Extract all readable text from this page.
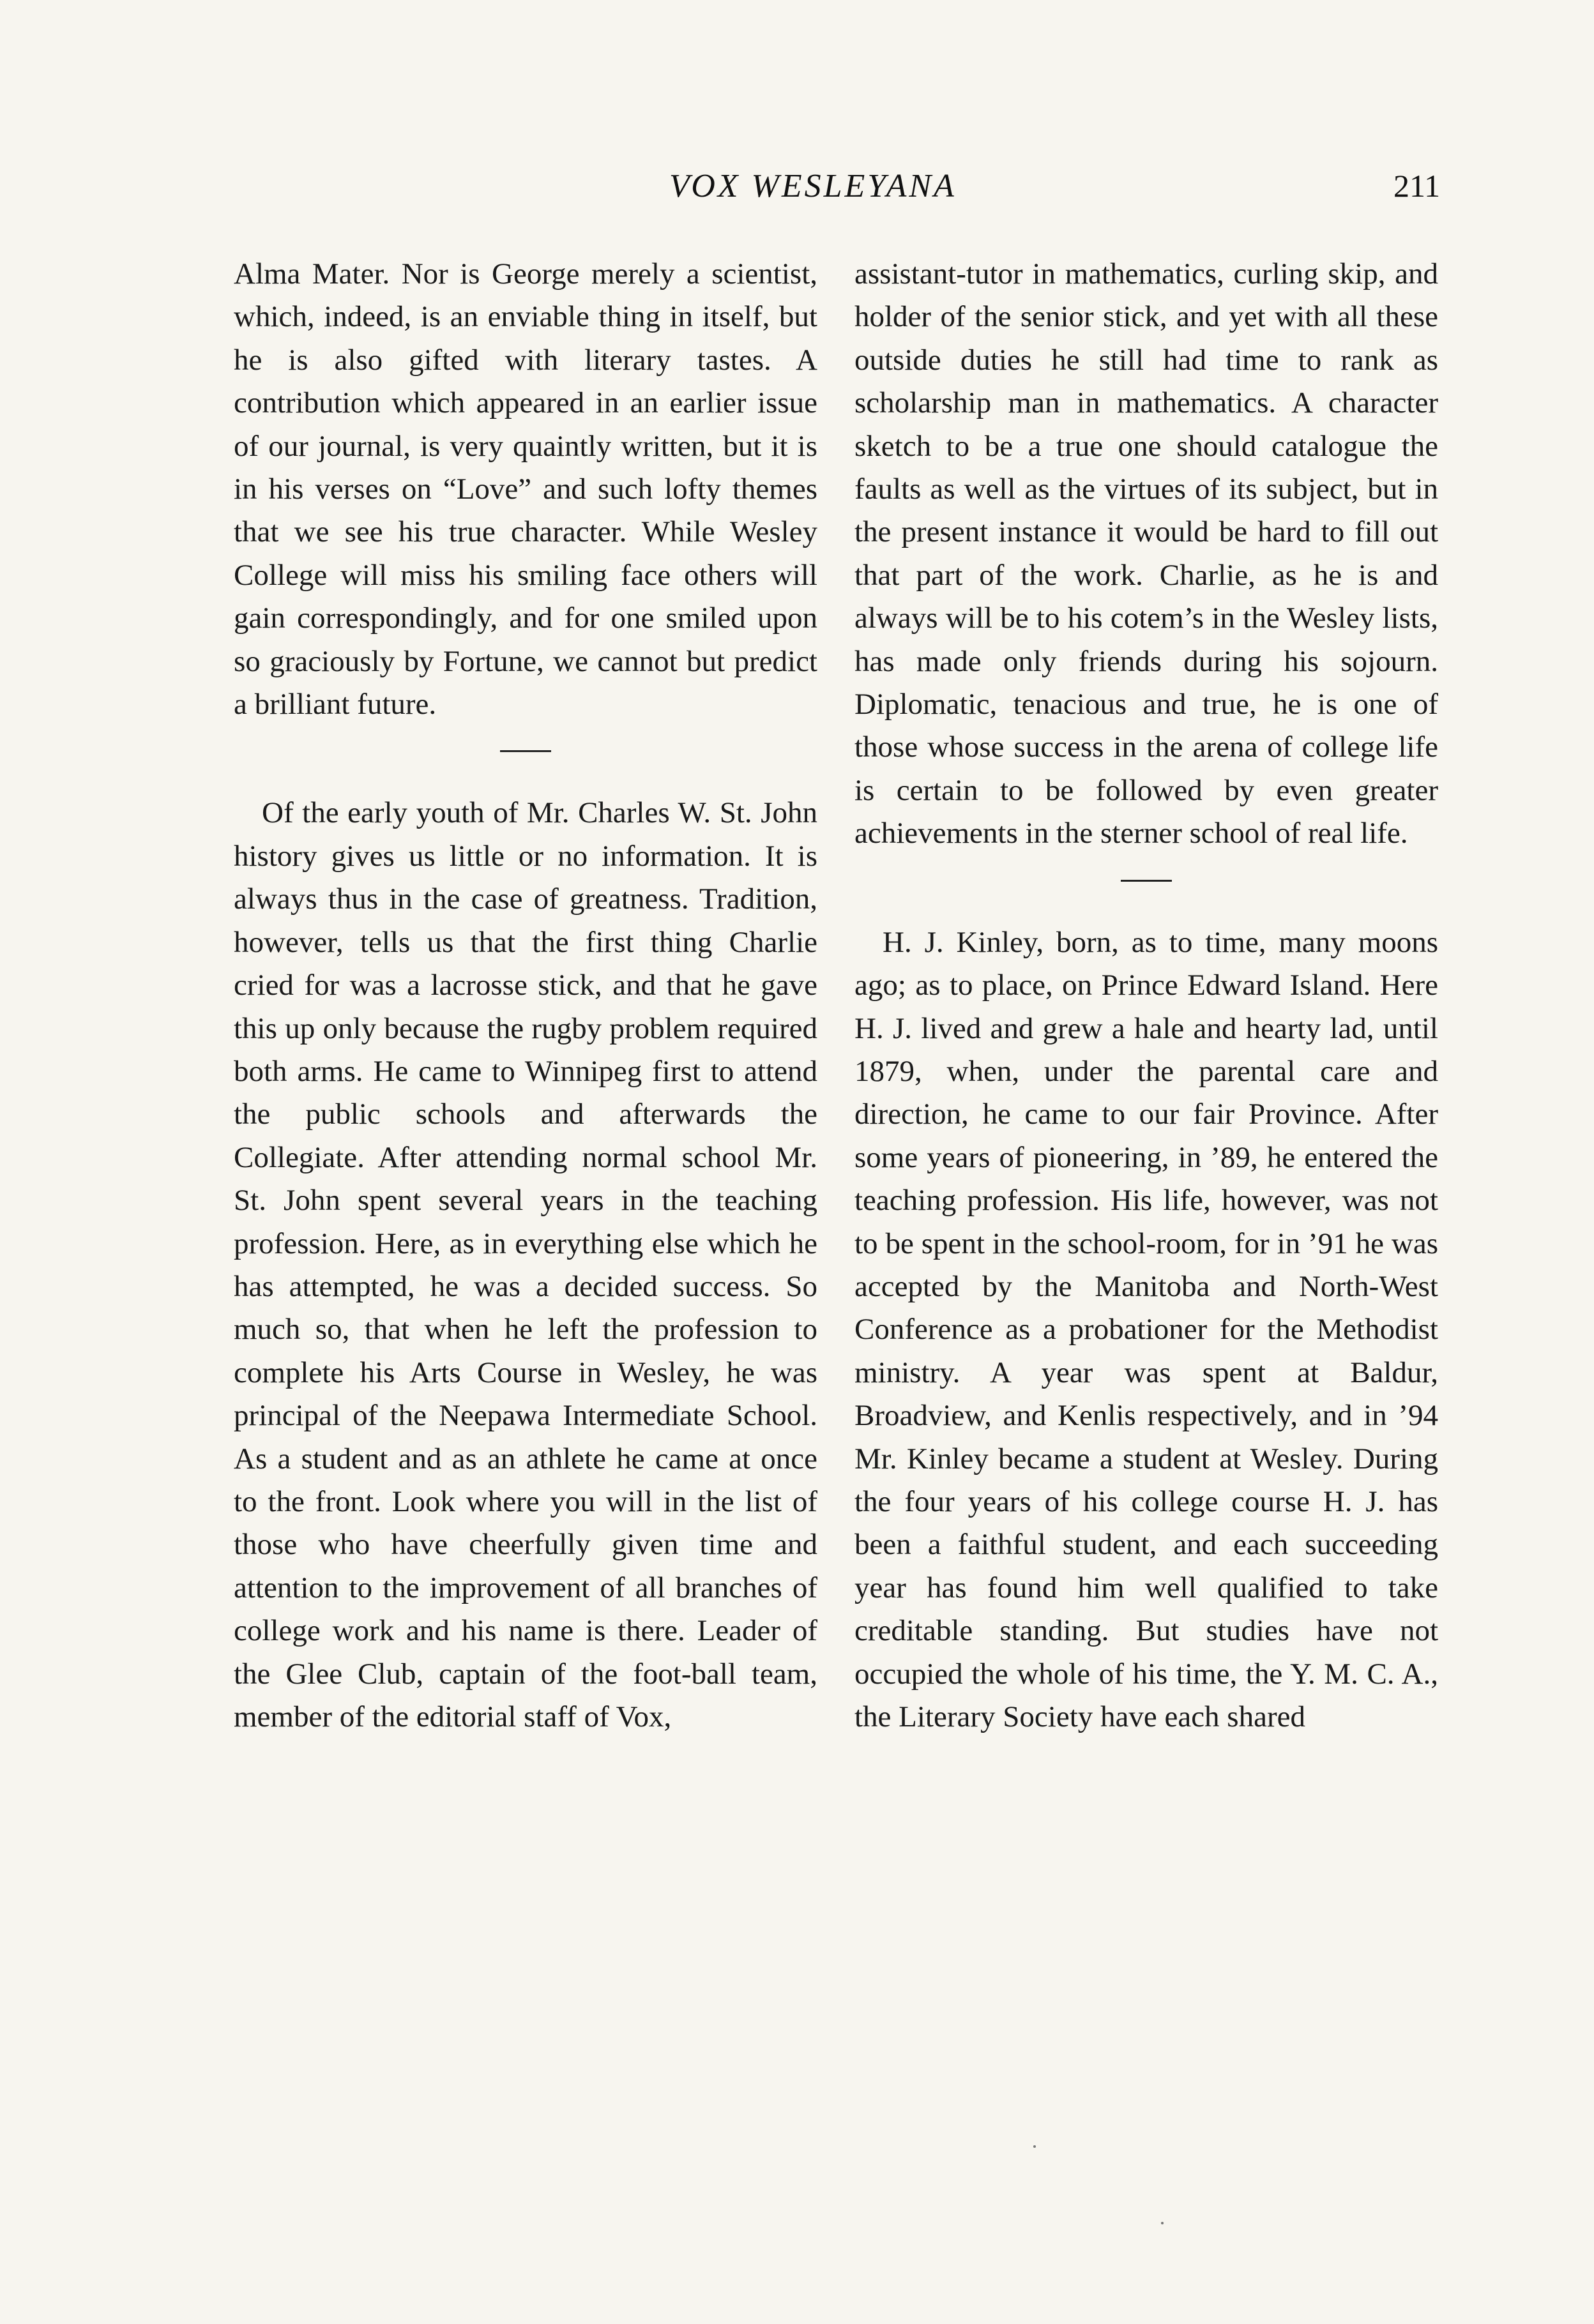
VOX WESLEYANA	211

Alma Mater. Nor is George merely a scientist, which, indeed, is an enviable thing in itself, but he is also gifted with literary tastes. A contribution which appeared in an earlier issue of our journal, is very quaintly written, but it is in his verses on “Love” and such lofty themes that we see his true character. While Wesley College will miss his smiling face others will gain correspondingly, and for one smiled upon so graciously by Fortune, we cannot but predict a brilliant future.

Of the early youth of Mr. Charles W. St. John history gives us little or no information. It is always thus in the case of greatness. Tradition, however, tells us that the first thing Charlie cried for was a lacrosse stick, and that he gave this up only because the rugby problem required both arms. He came to Winnipeg first to attend the public schools and afterwards the Collegiate. After attending normal school Mr. St. John spent several years in the teaching profession. Here, as in everything else which he has attempted, he was a decided success. So much so, that when he left the profession to complete his Arts Course in Wesley, he was principal of the Neepawa Intermediate School. As a student and as an athlete he came at once to the front. Look where you will in the list of those who have cheerfully given time and attention to the improvement of all branches of college work and his name is there. Leader of the Glee Club, captain of the foot-ball team, member of the editorial staff of Vox,

assistant-tutor in mathematics, curling skip, and holder of the senior stick, and yet with all these outside duties he still had time to rank as scholarship man in mathematics. A character sketch to be a true one should catalogue the faults as well as the virtues of its subject, but in the present instance it would be hard to fill out that part of the work. Charlie, as he is and always will be to his cotem’s in the Wesley lists, has made only friends during his sojourn. Diplomatic, tenacious and true, he is one of those whose success in the arena of college life is certain to be followed by even greater achievements in the sterner school of real life.

H. J. Kinley, born, as to time, many moons ago; as to place, on Prince Edward Island. Here H. J. lived and grew a hale and hearty lad, until 1879, when, under the parental care and direction, he came to our fair Province. After some years of pioneering, in ’89, he entered the teaching profession. His life, however, was not to be spent in the school-room, for in ’91 he was accepted by the Manitoba and North-West Conference as a probationer for the Methodist ministry. A year was spent at Baldur, Broadview, and Kenlis respectively, and in ’94 Mr. Kinley became a student at Wesley. During the four years of his college course H. J. has been a faithful student, and each succeeding year has found him well qualified to take creditable standing. But studies have not occupied the whole of his time, the Y. M. C. A., the Literary Society have each shared
